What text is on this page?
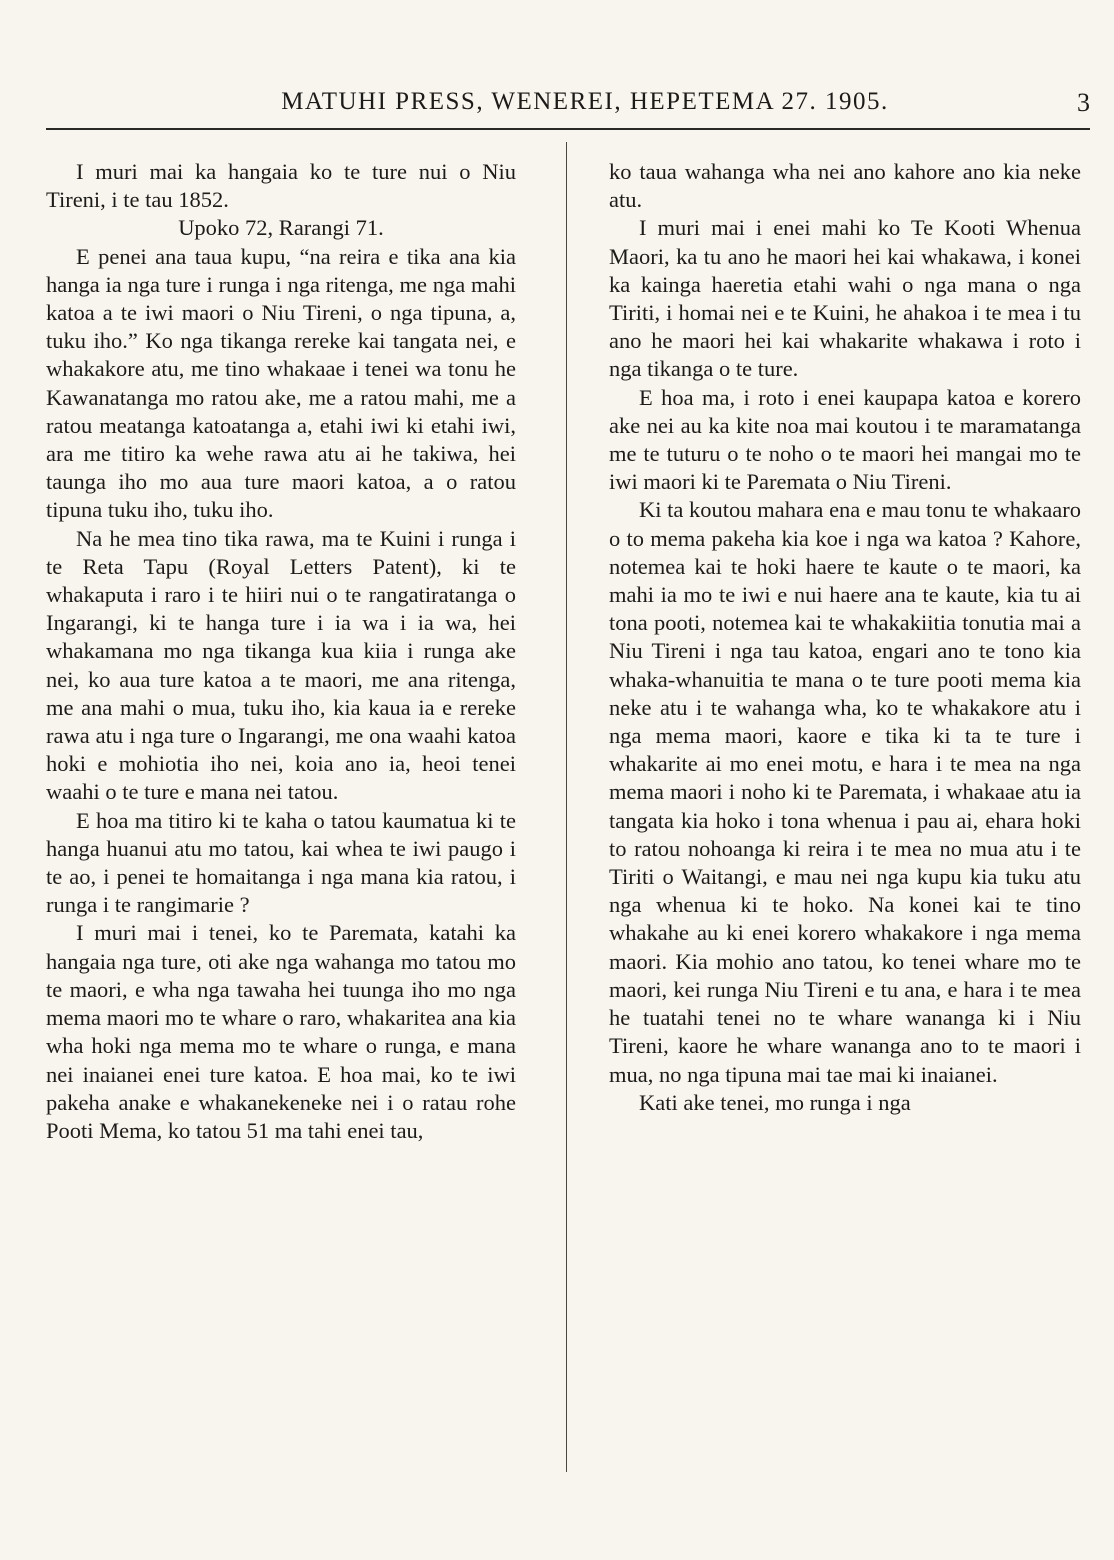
MATUHI PRESS, WENEREI, HEPETEMA 27. 1905.	3

I muri mai ka hangaia ko te ture nui o Niu Tireni, i te tau 1852.

Upoko 72, Rarangi 71.

E penei ana taua kupu, “na reira e tika ana kia hanga ia nga ture i runga i nga ritenga, me nga mahi katoa a te iwi maori o Niu Tireni, o nga tipuna, a, tuku iho.” Ko nga tikanga rereke kai tangata nei, e whakakore atu, me tino whakaae i tenei wa tonu he Kawanatanga mo ratou ake, me a ratou mahi, me a ratou meatanga katoatanga a, etahi iwi ki etahi iwi, ara me titiro ka wehe rawa atu ai he takiwa, hei taunga iho mo aua ture maori katoa, a o ratou tipuna tuku iho, tuku iho.

Na he mea tino tika rawa, ma te Kuini i runga i te Reta Tapu (Royal Letters Patent), ki te whakaputa i raro i te hiiri nui o te rangatiratanga o Ingarangi, ki te hanga ture i ia wa i ia wa, hei whakamana mo nga tikanga kua kiia i runga ake nei, ko aua ture katoa a te maori, me ana ritenga, me ana mahi o mua, tuku iho, kia kaua ia e rereke rawa atu i nga ture o Ingarangi, me ona waahi katoa hoki e mohiotia iho nei, koia ano ia, heoi tenei waahi o te ture e mana nei tatou.

E hoa ma titiro ki te kaha o tatou kaumatua ki te hanga huanui atu mo tatou, kai whea te iwi paugo i te ao, i penei te homaitanga i nga mana kia ratou, i runga i te rangimarie ?

I muri mai i tenei, ko te Paremata, katahi ka hangaia nga ture, oti ake nga wahanga mo tatou mo te maori, e wha nga tawaha hei tuunga iho mo nga mema maori mo te whare o raro, whakaritea ana kia wha hoki nga mema mo te whare o runga, e mana nei inaianei enei ture katoa. E hoa mai, ko te iwi pakeha anake e whakanekeneke nei i o ratau rohe Pooti Mema, ko tatou 51 ma tahi enei tau,

ko taua wahanga wha nei ano kahore ano kia neke atu.

I muri mai i enei mahi ko Te Kooti Whenua Maori, ka tu ano he maori hei kai whakawa, i konei ka kainga haeretia etahi wahi o nga mana o nga Tiriti, i homai nei e te Kuini, he ahakoa i te mea i tu ano he maori hei kai whakarite whakawa i roto i nga tikanga o te ture.

E hoa ma, i roto i enei kaupapa katoa e korero ake nei au ka kite noa mai koutou i te maramatanga me te tuturu o te noho o te maori hei mangai mo te iwi maori ki te Paremata o Niu Tireni.

Ki ta koutou mahara ena e mau tonu te whakaaro o to mema pakeha kia koe i nga wa katoa ? Kahore, notemea kai te hoki haere te kaute o te maori, ka mahi ia mo te iwi e nui haere ana te kaute, kia tu ai tona pooti, notemea kai te whakakiitia tonutia mai a Niu Tireni i nga tau katoa, engari ano te tono kia whaka-whanuitia te mana o te ture pooti mema kia neke atu i te wahanga wha, ko te whakakore atu i nga mema maori, kaore e tika ki ta te ture i whakarite ai mo enei motu, e hara i te mea na nga mema maori i noho ki te Paremata, i whakaae atu ia tangata kia hoko i tona whenua i pau ai, ehara hoki to ratou nohoanga ki reira i te mea no mua atu i te Tiriti o Waitangi, e mau nei nga kupu kia tuku atu nga whenua ki te hoko. Na konei kai te tino whakahe au ki enei korero whakakore i nga mema maori. Kia mohio ano tatou, ko tenei whare mo te maori, kei runga Niu Tireni e tu ana, e hara i te mea he tuatahi tenei no te whare wananga ki i Niu Tireni, kaore he whare wananga ano to te maori i mua, no nga tipuna mai tae mai ki inaianei.

Kati ake tenei, mo runga i nga
